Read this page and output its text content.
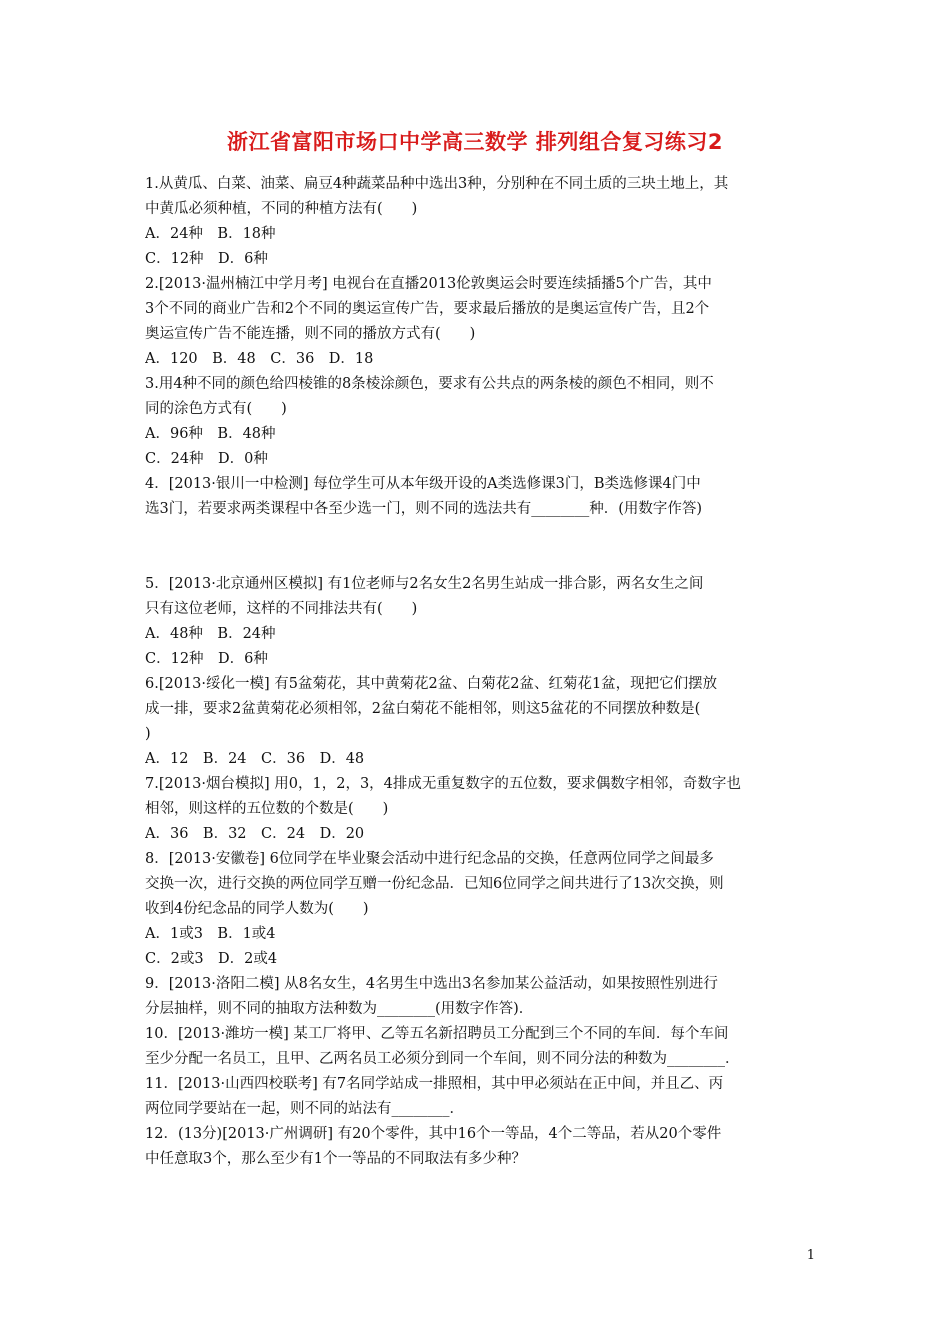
浙江省富阳市场口中学高三数学 排列组合复习练习2
1.从黄瓜、白菜、油菜、扁豆4种蔬菜品种中选出3种，分别种在不同土质的三块土地上，其
中黄瓜必须种植，不同的种植方法有(　　)
A．24种　B．18种
C．12种　D．6种
2.[2013·温州楠江中学月考] 电视台在直播2013伦敦奥运会时要连续插播5个广告，其中
3个不同的商业广告和2个不同的奥运宣传广告，要求最后播放的是奥运宣传广告，且2个
奥运宣传广告不能连播，则不同的播放方式有(　　)
A．120　B．48　C．36　D．18
3.用4种不同的颜色给四棱锥的8条棱涂颜色，要求有公共点的两条棱的颜色不相同，则不
同的涂色方式有(　　)
A．96种　B．48种
C．24种　D．0种
4．[2013·银川一中检测] 每位学生可从本年级开设的A类选修课3门，B类选修课4门中
选3门，若要求两类课程中各至少选一门，则不同的选法共有________种．(用数字作答)
5．[2013·北京通州区模拟] 有1位老师与2名女生2名男生站成一排合影，两名女生之间
只有这位老师，这样的不同排法共有(　　)
A．48种　B．24种
C．12种　D．6种
6.[2013·绥化一模] 有5盆菊花，其中黄菊花2盆、白菊花2盆、红菊花1盆，现把它们摆放
成一排，要求2盆黄菊花必须相邻，2盆白菊花不能相邻，则这5盆花的不同摆放种数是(
)
A．12　B．24　C．36　D．48
7.[2013·烟台模拟] 用0，1，2，3，4排成无重复数字的五位数，要求偶数字相邻，奇数字也
相邻，则这样的五位数的个数是(　　)
A．36　B．32　C．24　D．20
8．[2013·安徽卷] 6位同学在毕业聚会活动中进行纪念品的交换，任意两位同学之间最多
交换一次，进行交换的两位同学互赠一份纪念品．已知6位同学之间共进行了13次交换，则
收到4份纪念品的同学人数为(　　)
A．1或3　B．1或4
C．2或3　D．2或4
9．[2013·洛阳二模] 从8名女生，4名男生中选出3名参加某公益活动，如果按照性别进行
分层抽样，则不同的抽取方法种数为________(用数字作答)．
10．[2013·潍坊一模] 某工厂将甲、乙等五名新招聘员工分配到三个不同的车间．每个车间
至少分配一名员工，且甲、乙两名员工必须分到同一个车间，则不同分法的种数为________．
11．[2013·山西四校联考] 有7名同学站成一排照相，其中甲必须站在正中间，并且乙、丙
两位同学要站在一起，则不同的站法有________．
12．(13分)[2013·广州调研] 有20个零件，其中16个一等品，4个二等品，若从20个零件
中任意取3个，那么至少有1个一等品的不同取法有多少种？
1
